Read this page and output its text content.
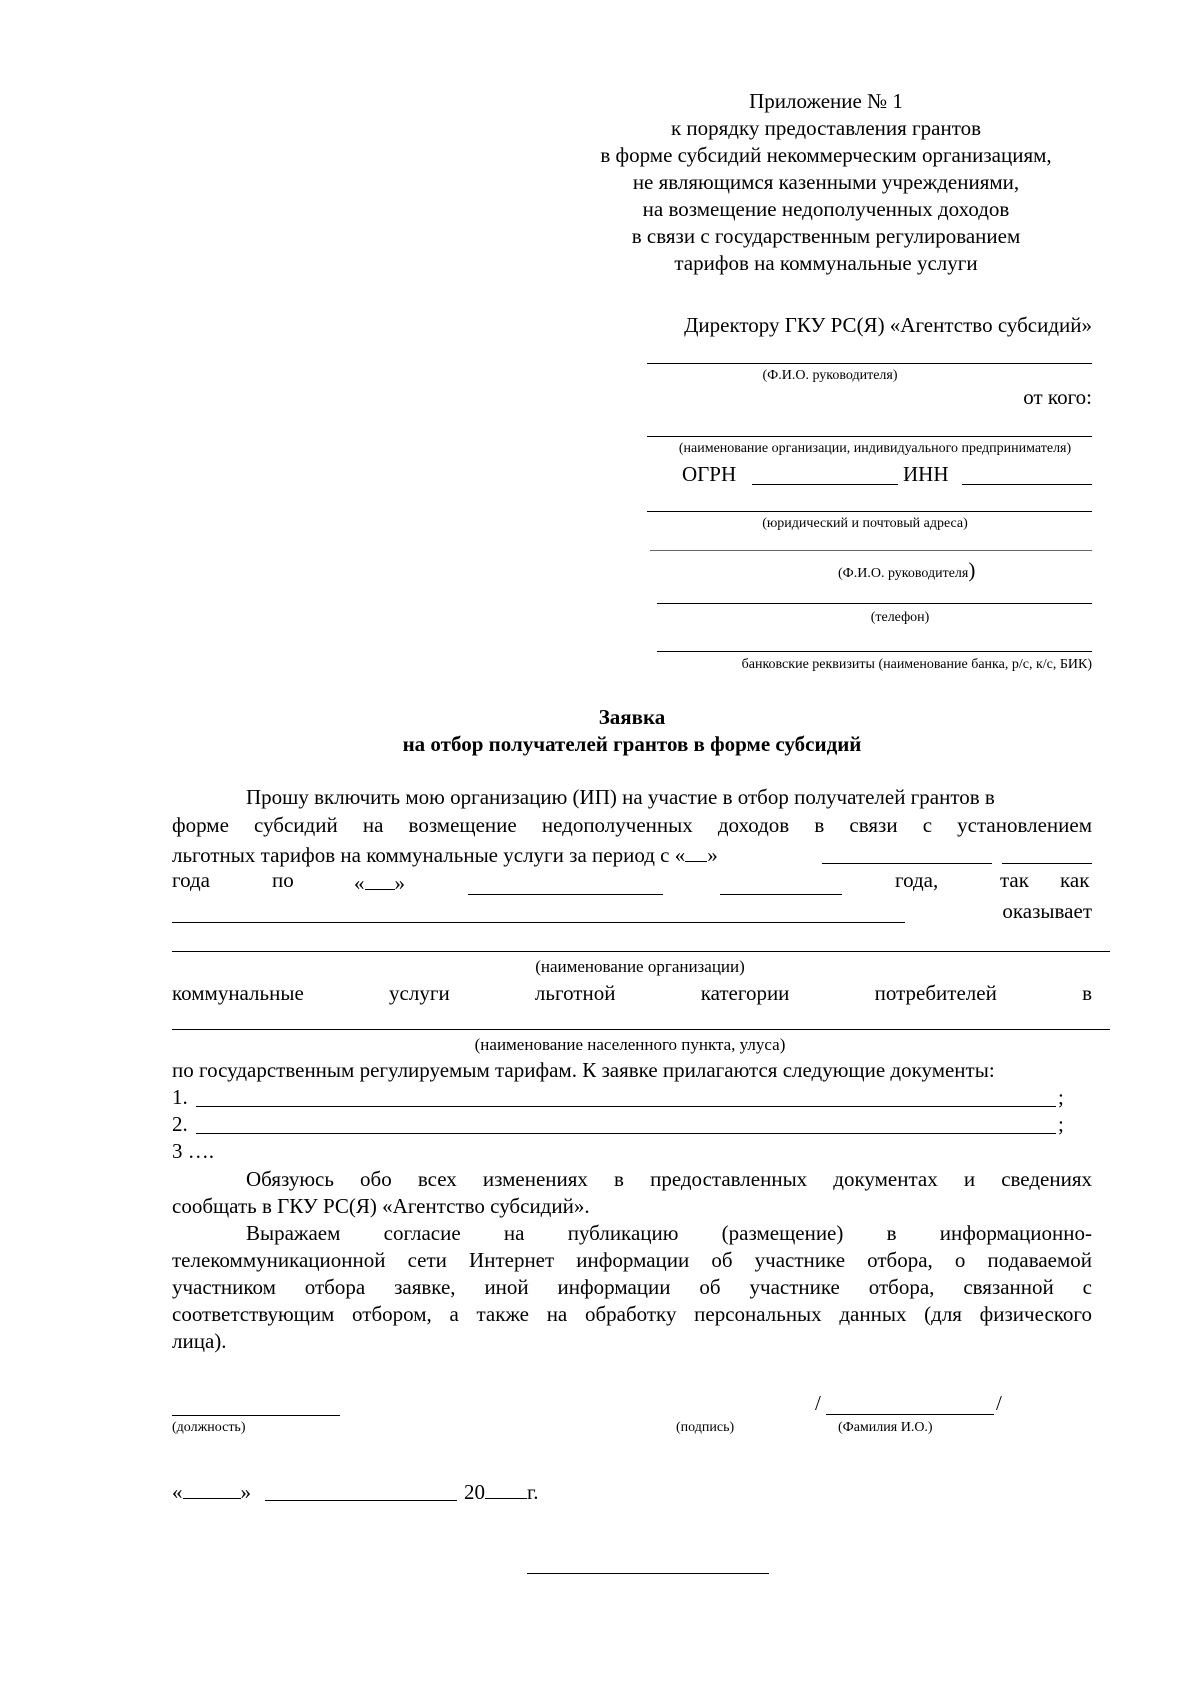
Приложение № 1
к порядку предоставления грантов
в форме субсидий некоммерческим организациям,
не являющимся казенными учреждениями,
на возмещение недополученных доходов
в связи с государственным регулированием
тарифов на коммунальные услуги
Директору ГКУ РС(Я) «Агентство субсидий»
(Ф.И.О. руководителя)
от кого:
(наименование организации, индивидуального предпринимателя)
ОГРН	ИНН
(юридический и почтовый адреса)
(Ф.И.О. руководителя)
(телефон)
банковские реквизиты (наименование банка, р/с, к/с, БИК)
Заявка
на отбор получателей грантов в форме субсидий
Прошу включить мою организацию (ИП) на участие в отбор получателей грантов в
форме субсидий на возмещение недополученных доходов в связи с установлением
льготных тарифов на коммунальные услуги за период с « »
года	по	« »	года,	так как
оказывает
(наименование организации)
коммунальные	услуги	льготной	категории	потребителей	в
(наименование населенного пункта, улуса)
по государственным регулируемым тарифам. К заявке прилагаются следующие документы:
1.	;
2.	;
3 ….
Обязуюсь обо всех изменениях в предоставленных документах и сведениях
сообщать в ГКУ РС(Я) «Агентство субсидий».
Выражаем согласие на публикацию (размещение) в информационно-
телекоммуникационной сети Интернет информации об участнике отбора, о подаваемой
участником отбора заявке, иной информации об участнике отбора, связанной с
соответствующим отбором, а также на обработку персональных данных (для физического
лица).
(должность)	(подпись)
/	/
(Фамилия И.О.)
«	»	20 г.
